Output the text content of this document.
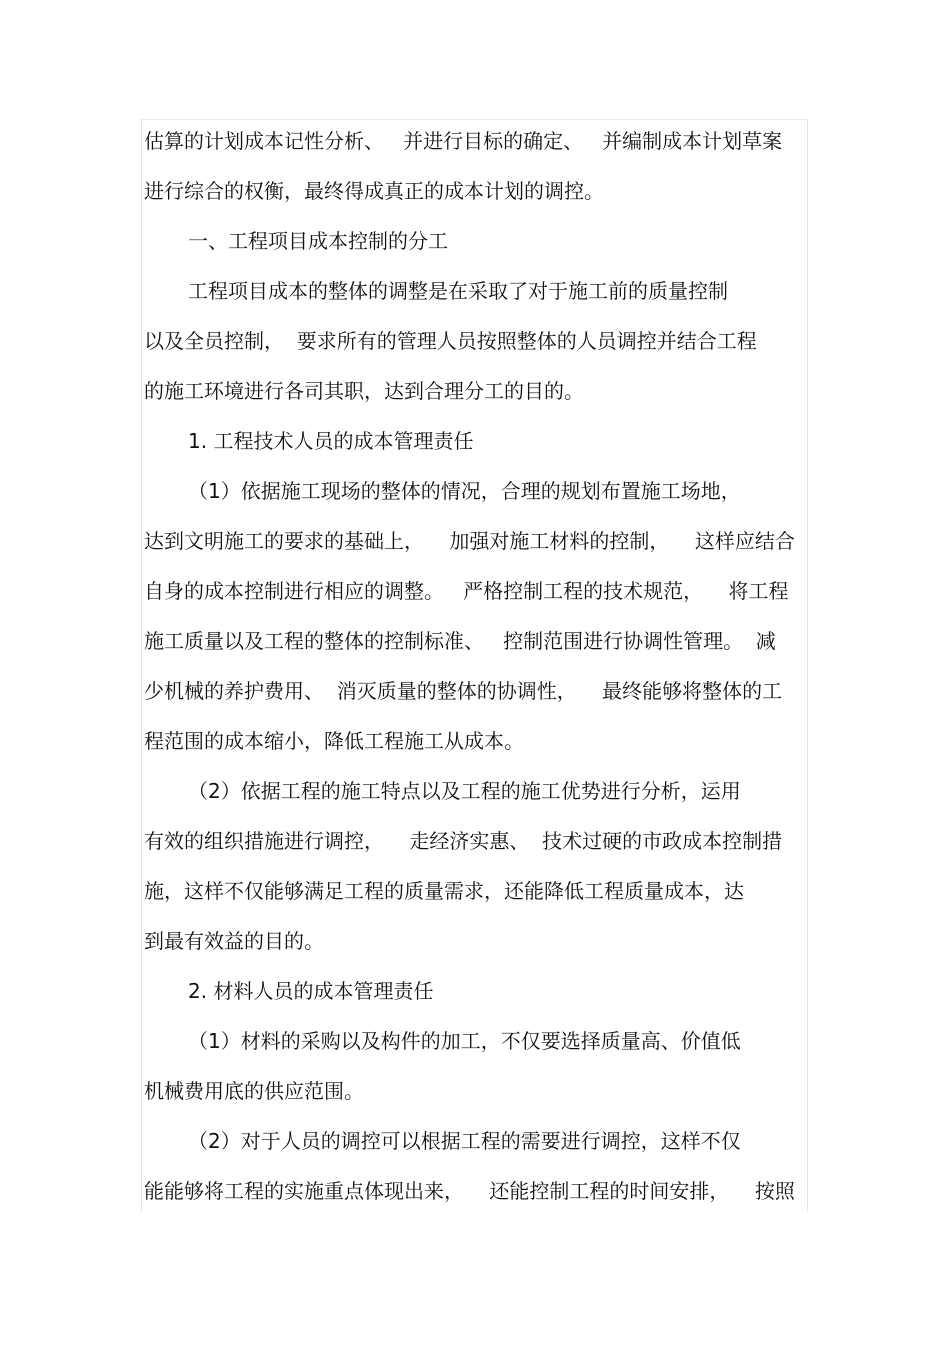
估算的计划成本记性分析、   并进行目标的确定、   并编制成本计划草案
进行综合的权衡，最终得成真正的成本计划的调控。
一、工程项目成本控制的分工
工程项目成本的整体的调整是在采取了对于施工前的质量控制
以及全员控制，  要求所有的管理人员按照整体的人员调控并结合工程
的施工环境进行各司其职，达到合理分工的目的。
1. 工程技术人员的成本管理责任
（1）依据施工现场的整体的情况，合理的规划布置施工场地，
达到文明施工的要求的基础上，    加强对施工材料的控制，    这样应结合
自身的成本控制进行相应的调整。   严格控制工程的技术规范，    将工程
施工质量以及工程的整体的控制标准、   控制范围进行协调性管理。  减
少机械的养护费用、  消灭质量的整体的协调性，    最终能够将整体的工
程范围的成本缩小，降低工程施工从成本。
（2）依据工程的施工特点以及工程的施工优势进行分析，运用
有效的组织措施进行调控，    走经济实惠、  技术过硬的市政成本控制措
施，这样不仅能够满足工程的质量需求，还能降低工程质量成本，达
到最有效益的目的。
2. 材料人员的成本管理责任
（1）材料的采购以及构件的加工，不仅要选择质量高、价值低
机械费用底的供应范围。
（2）对于人员的调控可以根据工程的需要进行调控，这样不仅
能能够将工程的实施重点体现出来，    还能控制工程的时间安排，    按照
